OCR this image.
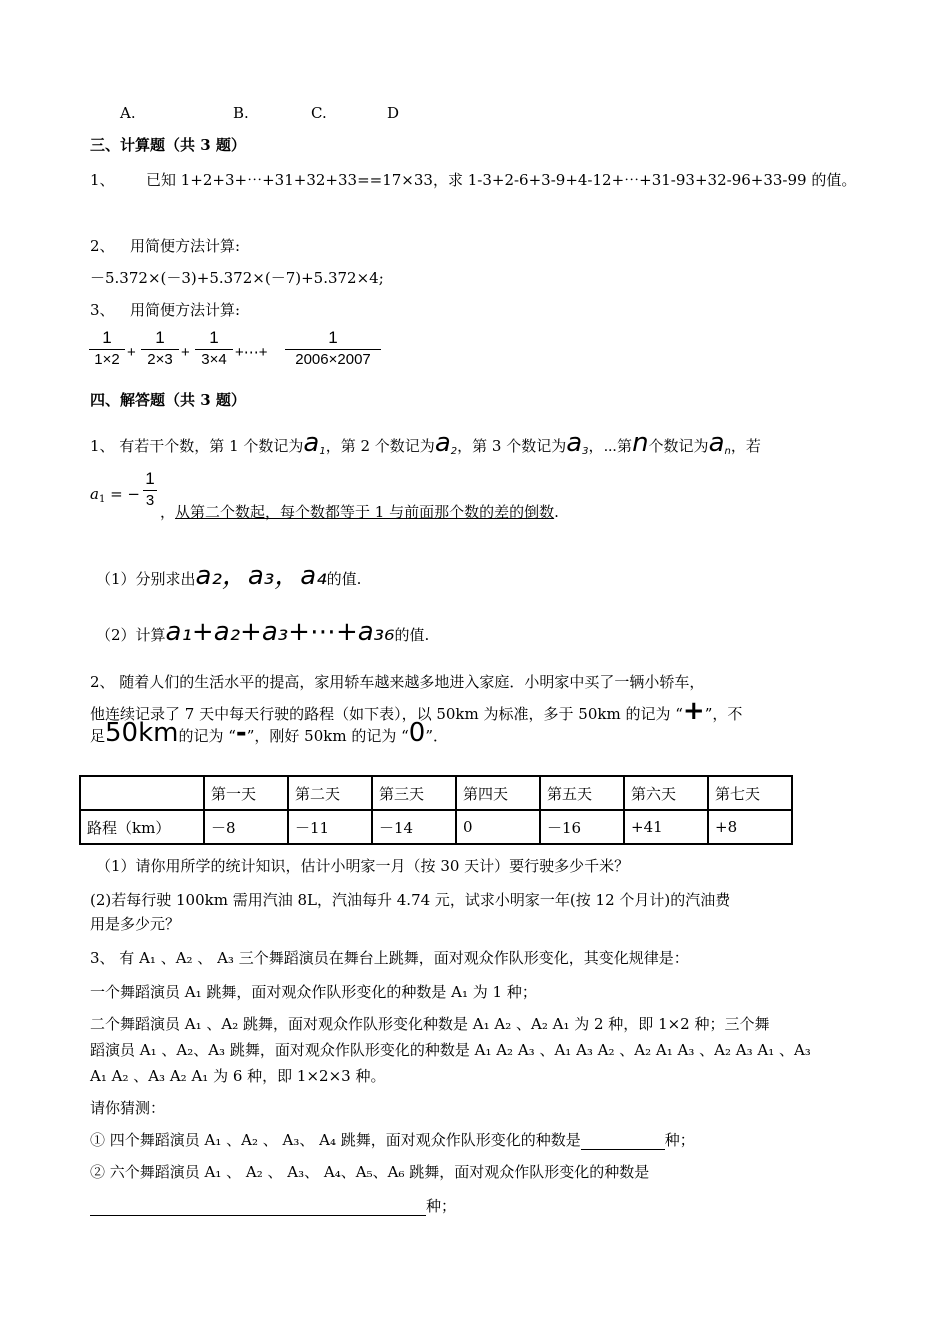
A.	B.	C.	D
三、计算题（共 3 题）
1、 已知 1+2+3+⋯+31+32+33==17×33，求 1-3+2-6+3-9+4-12+⋯+31-93+32-96+33-99 的值。
2、 用简便方法计算:
－5.372×(－3)+5.372×(－7)+5.372×4;
3、 用简便方法计算:
$\frac{1}{1\times 2} + \frac{1}{2\times 3} + \frac{1}{3\times 4}$ +⋯+ $\frac{1}{2006\times 2007}$
四、解答题（共 3 题）
1、 有若干个数，第 1 个数记为$a_1$，第 2 个数记为$a_2$，第 3 个数记为$a_3$，⋯第n个数记为$a_n$，若
$a_1$ = − $\frac{1}{3}$
，从第二个数起，每个数都等于 1 与前面那个数的差的倒数.
（1）分别求出a₂，a₃，a₄的值.
（2）计算a₁+a₂+a₃+⋯+a₃₆的值.
2、 随着人们的生活水平的提高，家用轿车越来越多地进入家庭．小明家中买了一辆小轿车，
他连续记录了 7 天中每天行驶的路程（如下表），以 50km 为标准，多于 50km 的记为 “+”，不
足50km的记为 “-”，刚好 50km 的记为 “0”．
	第一天	第二天	第三天	第四天	第五天	第六天	第七天
路程（km）	－8	－11	－14	0	－16	+41	+8
（1）请你用所学的统计知识，估计小明家一月（按 30 天计）要行驶多少千米？
(2)若每行驶 100km 需用汽油 8L，汽油每升 4.74 元，试求小明家一年(按 12 个月计)的汽油费
用是多少元？
3、 有 A₁ 、A₂ 、 A₃ 三个舞蹈演员在舞台上跳舞，面对观众作队形变化，其变化规律是：
一个舞蹈演员 A₁ 跳舞，面对观众作队形变化的种数是 A₁ 为 1 种；
二个舞蹈演员 A₁ 、A₂ 跳舞，面对观众作队形变化种数是 A₁ A₂ 、A₂ A₁ 为 2 种，即 1×2 种；三个舞
蹈演员 A₁ 、A₂、A₃ 跳舞，面对观众作队形变化的种数是 A₁ A₂ A₃ 、A₁ A₃ A₂ 、A₂ A₁ A₃ 、A₂ A₃ A₁ 、A₃
A₁ A₂ 、A₃ A₂ A₁ 为 6 种，即 1×2×3 种。
请你猜测：
① 四个舞蹈演员 A₁ 、A₂ 、 A₃、 A₄ 跳舞，面对观众作队形变化的种数是	种；
② 六个舞蹈演员 A₁ 、 A₂ 、 A₃、 A₄、A₅、A₆ 跳舞，面对观众作队形变化的种数是
种；
